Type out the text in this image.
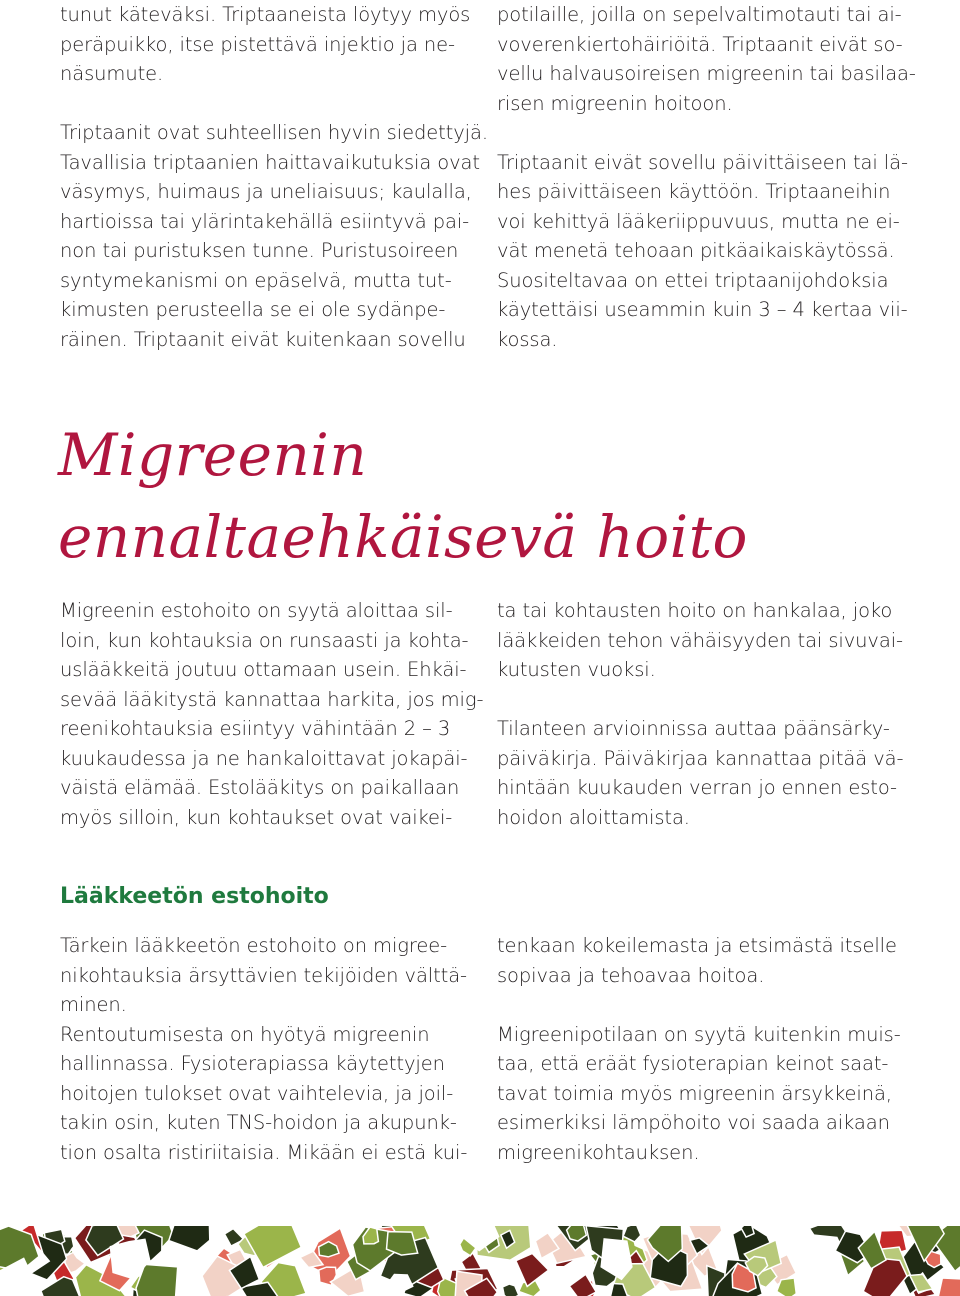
tunut käteväksi. Triptaaneista löytyy myös
peräpuikko, itse pistettävä injektio ja ne-
näsumute.
Triptaanit ovat suhteellisen hyvin siedettyjä.
Tavallisia triptaanien haittavaikutuksia ovat
väsymys, huimaus ja uneliaisuus; kaulalla,
hartioissa tai ylärintakehällä esiintyvä pai-
non tai puristuksen tunne. Puristusoireen
syntymekanismi on epäselvä, mutta tut-
kimusten perusteella se ei ole sydänpe-
räinen. Triptaanit eivät kuitenkaan sovellu
potilaille, joilla on sepelvaltimotauti tai ai-
voverenkiertohäiriöitä. Triptaanit eivät so-
vellu halvausoireisen migreenin tai basilaa-
risen migreenin hoitoon.
Triptaanit eivät sovellu päivittäiseen tai lä-
hes päivittäiseen käyttöön. Triptaaneihin
voi kehittyä lääkeriippuvuus, mutta ne ei-
vät menetä tehoaan pitkäaikaiskäytössä.
Suositeltavaa on ettei triptaanijohdoksia
käytettäisi useammin kuin 3 – 4 kertaa vii-
kossa.
Migreenin
ennaltaehkäisevä hoito
Migreenin estohoito on syytä aloittaa sil-
loin, kun kohtauksia on runsaasti ja kohta-
uslääkkeitä joutuu ottamaan usein. Ehkäi-
sevää lääkitystä kannattaa harkita, jos mig-
reenikohtauksia esiintyy vähintään 2 – 3
kuukaudessa ja ne hankaloittavat jokapäi-
väistä elämää. Estolääkitys on paikallaan
myös silloin, kun kohtaukset ovat vaikei-
ta tai kohtausten hoito on hankalaa, joko
lääkkeiden tehon vähäisyyden tai sivuvai-
kutusten vuoksi.
Tilanteen arvioinnissa auttaa päänsärky-
päiväkirja. Päiväkirjaa kannattaa pitää vä-
hintään kuukauden verran jo ennen esto-
hoidon aloittamista.
Lääkkeetön estohoito
Tärkein lääkkeetön estohoito on migree-
nikohtauksia ärsyttävien tekijöiden välttä-
minen.
Rentoutumisesta on hyötyä migreenin
hallinnassa. Fysioterapiassa käytettyjen
hoitojen tulokset ovat vaihtelevia, ja joil-
takin osin, kuten TNS-hoidon ja akupunk-
tion osalta ristiriitaisia. Mikään ei estä kui-
tenkaan kokeilemasta ja etsimästä itselle
sopivaa ja tehoavaa hoitoa.
Migreenipotilaan on syytä kuitenkin muis-
taa, että eräät fysioterapian keinot saat-
tavat toimia myös migreenin ärsykkeinä,
esimerkiksi lämpöhoito voi saada aikaan
migreenikohtauksen.
